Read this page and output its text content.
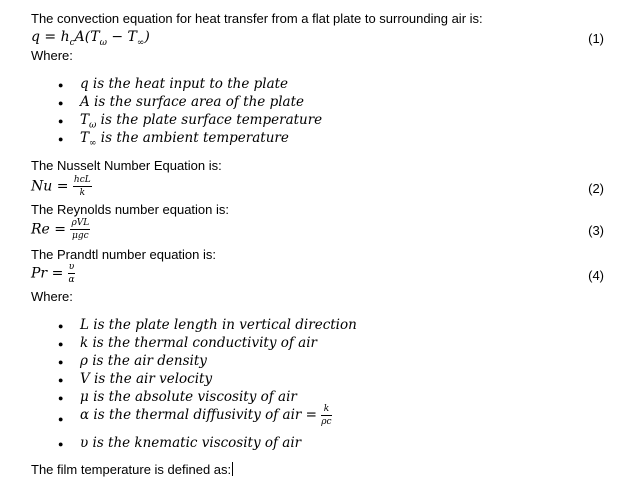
The convection equation for heat transfer from a flat plate to surrounding air is:
$q = h_cA(T_\omega - T_\infty)$	(1)
Where:
● q is the heat input to the plate
● A is the surface area of the plate
● $T_\omega$ is the plate surface temperature
● $T_\infty$ is the ambient temperature
The Nusselt Number Equation is:
$Nu = \frac{\text{hcL}}{k}$	(2)
The Reynolds number equation is:
$Re = \frac{\text{ρVL}}{\text{μgc}}$	(3)
The Prandtl number equation is:
$Pr = \frac{\upsilon}{\alpha}$	(4)
Where:
● L is the plate length in vertical direction
● k is the thermal conductivity of air
● ρ is the air density
● V is the air velocity
● μ is the absolute viscosity of air
● α is the thermal diffusivity of air = $\frac{k}{\rho c}$
● υ is the knematic viscosity of air
The film temperature is defined as:
